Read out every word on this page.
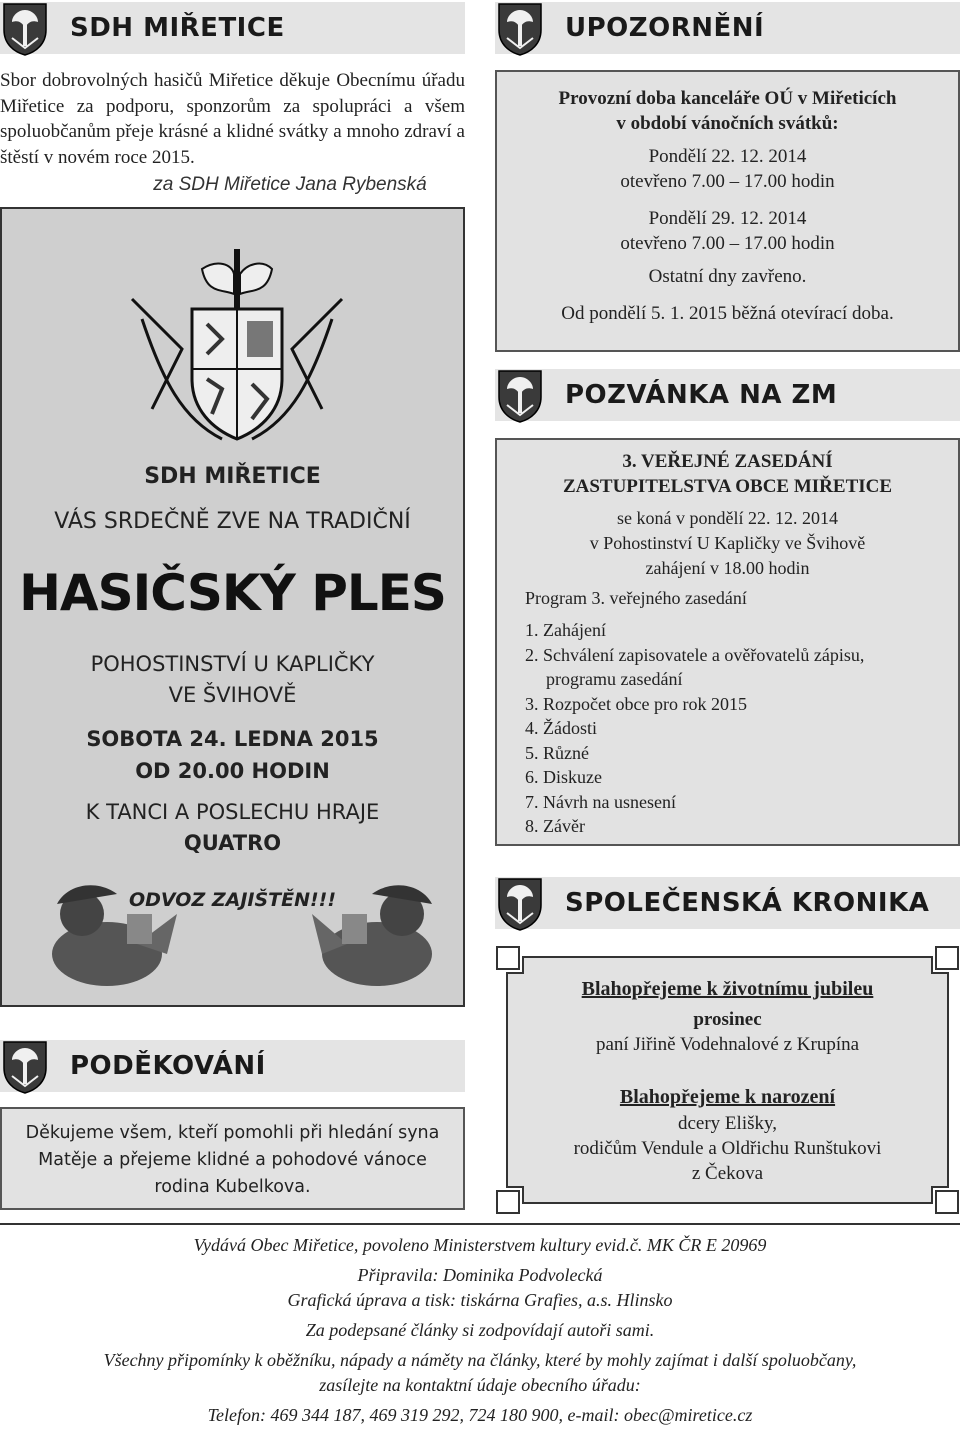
SDH MIŘETICE
Sbor dobrovolných hasičů Miřetice děkuje Obecnímu úřadu Miřetice za podporu, sponzorům za spolupráci a všem spoluobčanům přeje krásné a klidné svátky a mnoho zdraví a štěstí v novém roce 2015.
za SDH Miřetice Jana Rybenská
SDH MIŘETICE
VÁS SRDEČNĚ ZVE NA TRADIČNÍ
HASIČSKÝ PLES
POHOSTINSTVÍ U KAPLIČKY
VE ŠVIHOVĚ
SOBOTA 24. LEDNA 2015
OD 20.00 HODIN
K TANCI A POSLECHU HRAJE
QUATRO
ODVOZ ZAJIŠTĚN!!!
PODĚKOVÁNÍ
Děkujeme všem, kteří pomohli při hledání syna
Matěje a přejeme klidné a pohodové vánoce
rodina Kubelkova.
UPOZORNĚNÍ
Provozní doba kanceláře OÚ v Miřeticích
v období vánočních svátků:
Pondělí 22. 12. 2014
otevřeno 7.00 – 17.00 hodin
Pondělí 29. 12. 2014
otevřeno 7.00 – 17.00 hodin
Ostatní dny zavřeno.
Od pondělí 5. 1. 2015 běžná otevírací doba.
POZVÁNKA NA ZM
3. VEŘEJNÉ ZASEDÁNÍ
ZASTUPITELSTVA OBCE MIŘETICE
se koná v pondělí 22. 12. 2014
v Pohostinství U Kapličky ve Švihově
zahájení v 18.00 hodin
Program 3. veřejného zasedání
1. Zahájení
2. Schválení zapisovatele a ověřovatelů zápisu,
programu zasedání
3. Rozpočet obce pro rok 2015
4. Žádosti
5. Různé
6. Diskuze
7. Návrh na usnesení
8. Závěr
SPOLEČENSKÁ KRONIKA
Blahopřejeme k životnímu jubileu
prosinec
paní Jiřině Vodehnalové z Krupína
Blahopřejeme k narození
dcery Elišky,
rodičům Vendule a Oldřichu Runštukovi
z Čekova
Vydává Obec Miřetice, povoleno Ministerstvem kultury evid.č. MK ČR E 20969
Připravila: Dominika Podvolecká
Grafická úprava a tisk: tiskárna Grafies, a.s. Hlinsko
Za podepsané články si zodpovídají autoři sami.
Všechny připomínky k oběžníku, nápady a náměty na články, které by mohly zajímat i další spoluobčany,
zasílejte na kontaktní údaje obecního úřadu:
Telefon: 469 344 187, 469 319 292, 724 180 900, e-mail: obec@miretice.cz
